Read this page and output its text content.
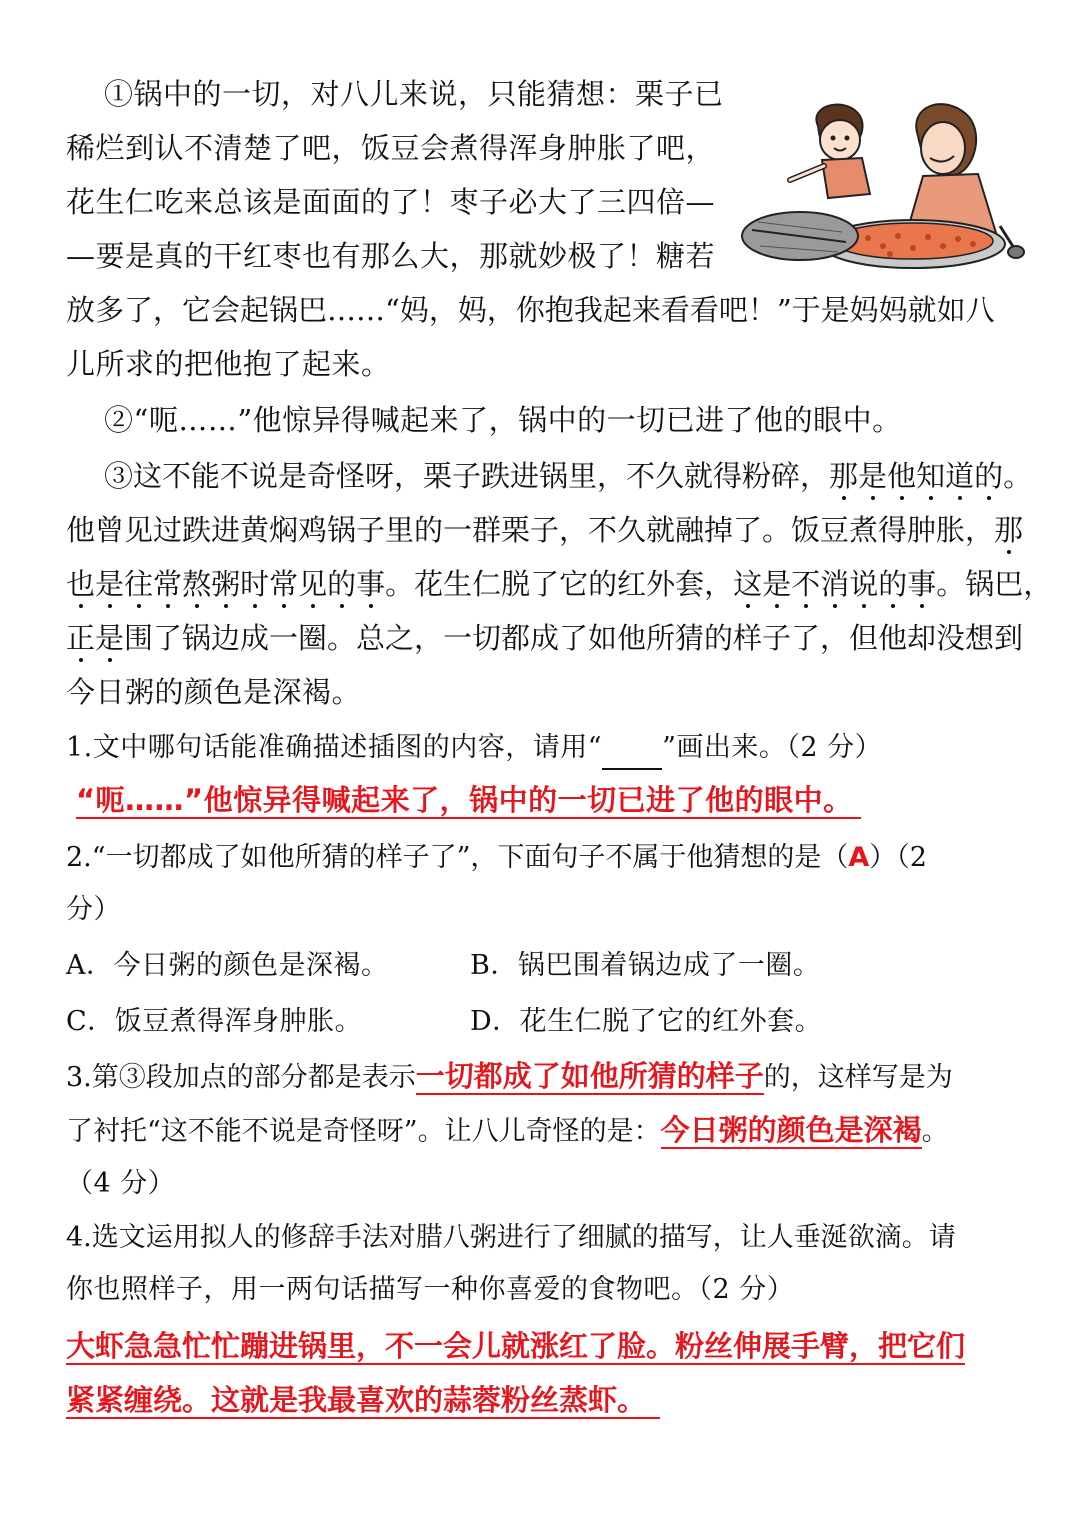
①锅中的一切，对八儿来说，只能猜想：栗子已
稀烂到认不清楚了吧，饭豆会煮得浑身肿胀了吧，
花生仁吃来总该是面面的了！枣子必大了三四倍—
—要是真的干红枣也有那么大，那就妙极了！糖若
放多了，它会起锅巴……“妈，妈，你抱我起来看看吧！”于是妈妈就如八
儿所求的把他抱了起来。
②“呃……”他惊异得喊起来了，锅中的一切已进了他的眼中。
③这不能不说是奇怪呀，栗子跌进锅里，不久就得粉碎，那是他知道的。
他曾见过跌进黄焖鸡锅子里的一群栗子，不久就融掉了。饭豆煮得肿胀，那
也是往常熬粥时常见的事。花生仁脱了它的红外套，这是不消说的事。锅巴，
正是围了锅边成一圈。总之，一切都成了如他所猜的样子了，但他却没想到
今日粥的颜色是深褐。
1.文中哪句话能准确描述插图的内容，请用“ ”画出来。（2 分）
“呃……”他惊异得喊起来了，锅中的一切已进了他的眼中。
2.“一切都成了如他所猜的样子了”，下面句子不属于他猜想的是（A）（2
分）
A．今日粥的颜色是深褐。	B．锅巴围着锅边成了一圈。
C．饭豆煮得浑身肿胀。	D．花生仁脱了它的红外套。
3.第③段加点的部分都是表示一切都成了如他所猜的样子的，这样写是为
了衬托“这不能不说是奇怪呀”。让八儿奇怪的是：今日粥的颜色是深褐。
（4 分）
4.选文运用拟人的修辞手法对腊八粥进行了细腻的描写，让人垂涎欲滴。请
你也照样子，用一两句话描写一种你喜爱的食物吧。（2 分）
大虾急急忙忙蹦进锅里，不一会儿就涨红了脸。粉丝伸展手臂，把它们
紧紧缠绕。这就是我最喜欢的蒜蓉粉丝蒸虾。
